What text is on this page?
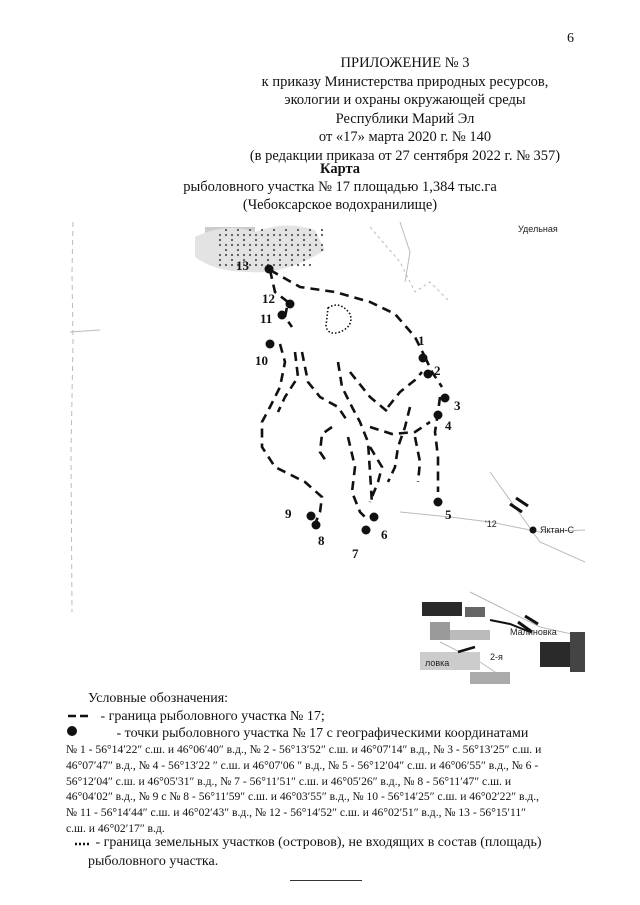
6
ПРИЛОЖЕНИЕ № 3
к приказу Министерства природных ресурсов,
экологии и охраны окружающей среды
Республики Марий Эл
от «17» марта 2020 г. № 140
(в редакции приказа от 27 сентября 2022 г. № 357)
Карта
рыболовного участка № 17 площадью 1,384 тыс.га
(Чебоксарское водохранилище)
Удельная
'12
Яктан-С
Малиновка
ловка
2-я
1
2
3
4
5
6
7
8
9
10
11
12
13
Условные обозначения:
- граница рыболовного участка № 17;
- точки рыболовного участка № 17 с географическими координатами
№ 1 - 56°14′22″ с.ш. и 46°06′40″ в.д., № 2 - 56°13′52″ с.ш. и 46°07′14″ в.д., № 3 - 56°13′25″ с.ш. и
46°07′47″ в.д., № 4 - 56°13′22 ″ с.ш. и 46°07′06 ″ в.д., № 5 - 56°12′04″ с.ш. и 46°06′55″ в.д., № 6 -
56°12′04″ с.ш. и 46°05′31″ в.д., № 7 - 56°11′51″ с.ш. и 46°05′26″ в.д., № 8 - 56°11′47″ с.ш. и
46°04′02″ в.д., № 9 с № 8 - 56°11′59″ с.ш. и 46°03′55″ в.д., № 10 - 56°14′25″ с.ш. и 46°02′22″ в.д.,
№ 11 - 56°14′44″ с.ш. и 46°02′43″ в.д., № 12 - 56°14′52″ с.ш. и 46°02′51″ в.д., № 13 - 56°15′11″
с.ш. и 46°02′17″ в.д.
- граница земельных участков (островов), не входящих в состав (площадь)
рыболовного участка.
